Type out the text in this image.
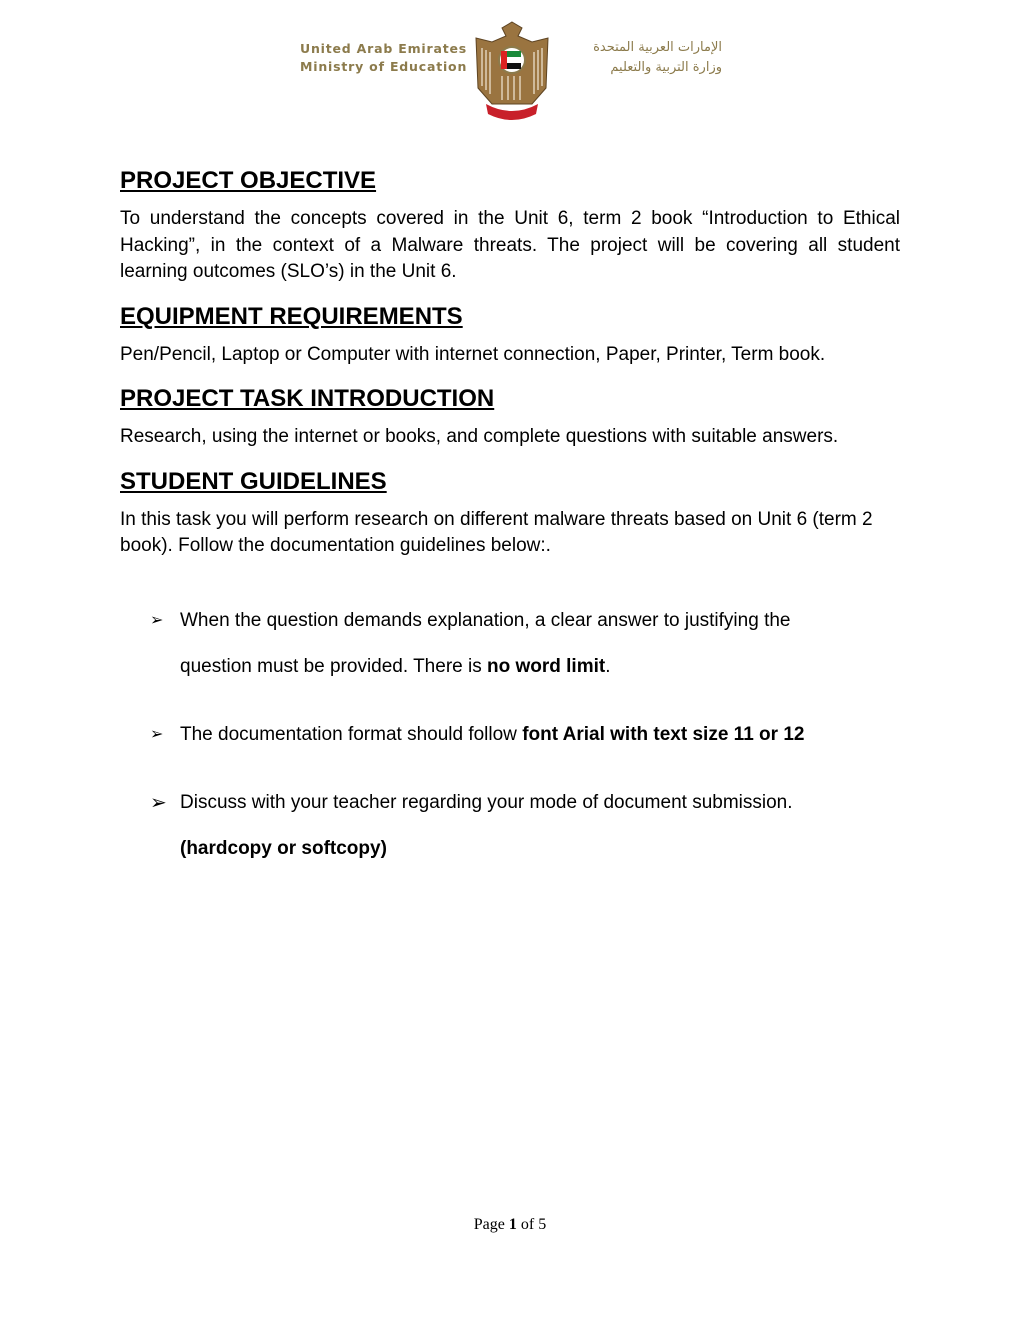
United Arab Emirates
Ministry of Education
الإمارات العربية المتحدة
وزارة التربية والتعليم
PROJECT OBJECTIVE

To understand the concepts covered in the Unit 6, term 2 book “Introduction to Ethical Hacking”, in the context of a Malware threats. The project will be covering all student learning outcomes (SLO’s) in the Unit 6.

EQUIPMENT REQUIREMENTS

Pen/Pencil, Laptop or Computer with internet connection, Paper, Printer, Term book.

PROJECT TASK INTRODUCTION

Research, using the internet or books, and complete questions with suitable answers.

STUDENT GUIDELINES

In this task you will perform research on different malware threats based on Unit 6 (term 2 book). Follow the documentation guidelines below:.

➢ When the question demands explanation, a clear answer to justifying the question must be provided. There is no word limit.
➢ The documentation format should follow font Arial with text size 11 or 12
➢ Discuss with your teacher regarding your mode of document submission.
(hardcopy or softcopy)
Page 1 of 5
